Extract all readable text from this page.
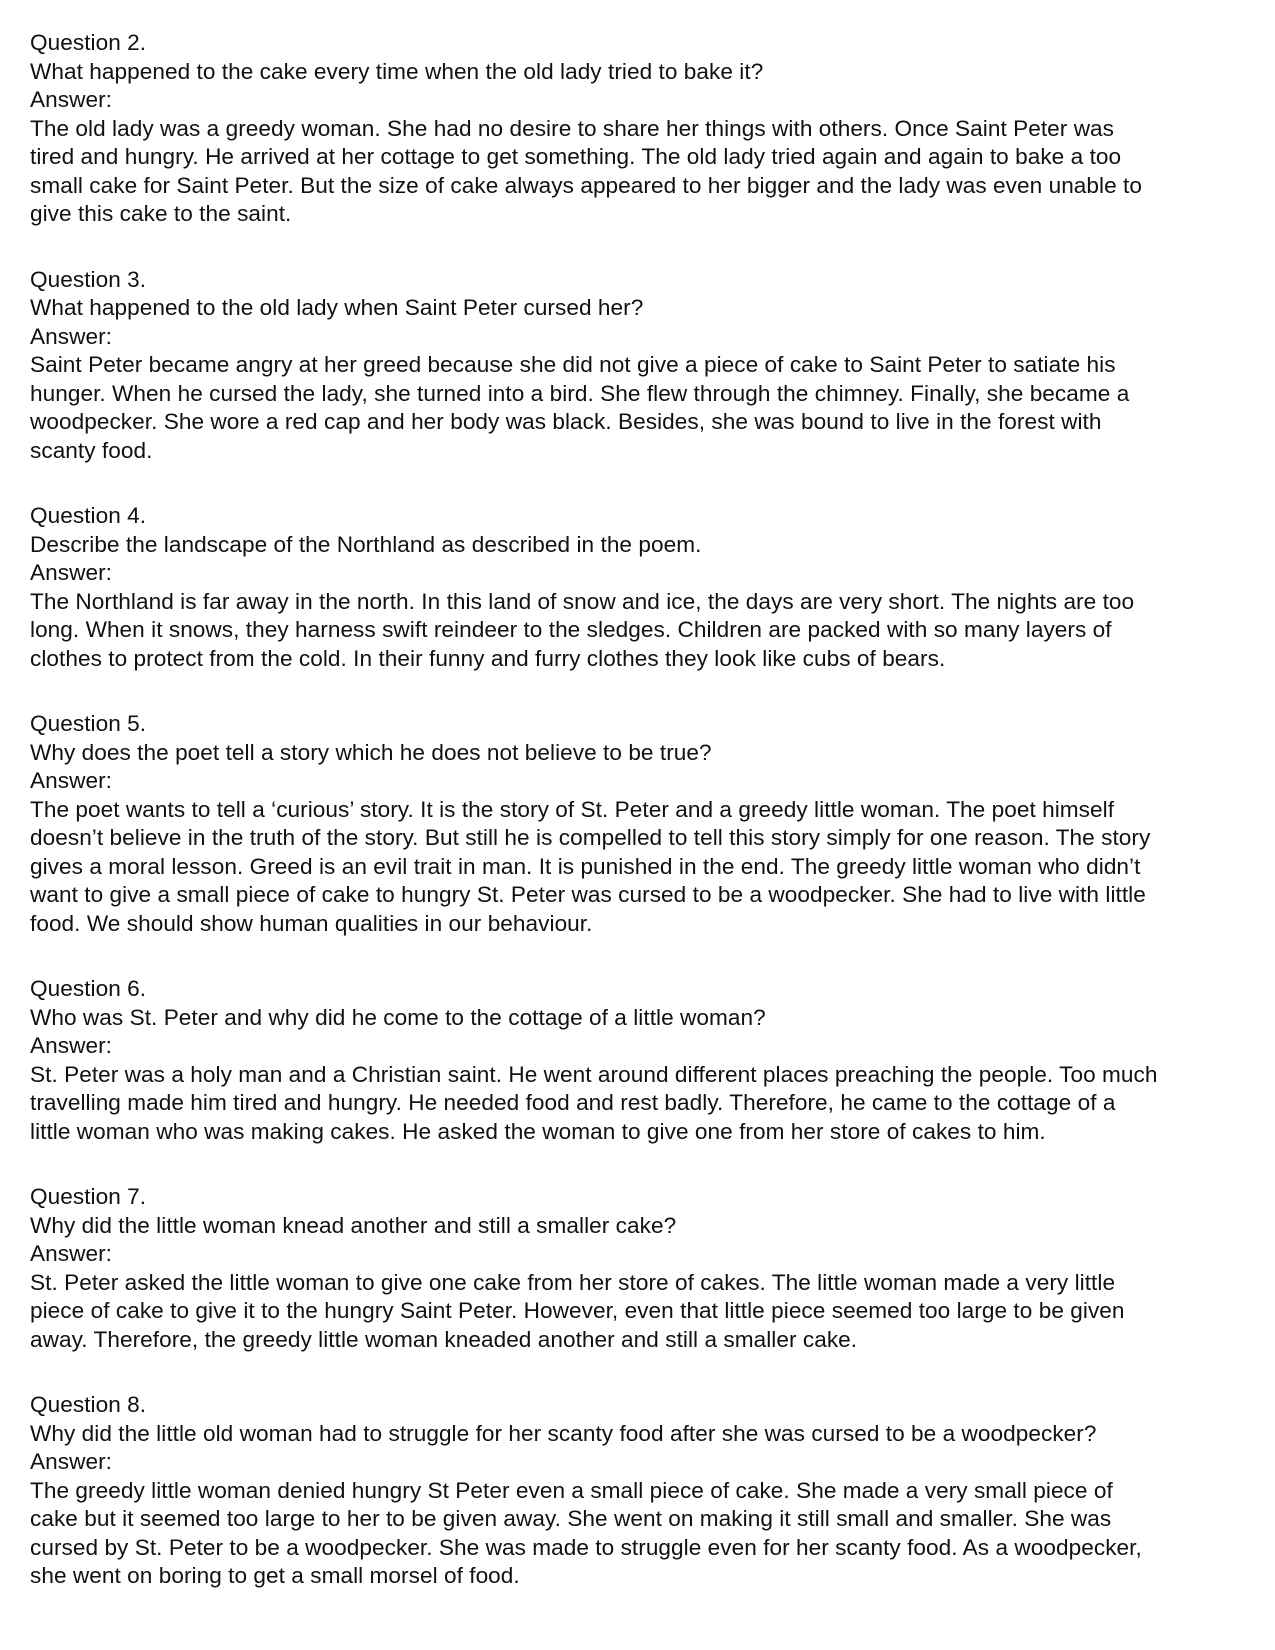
Question 2.
What happened to the cake every time when the old lady tried to bake it?
Answer:
The old lady was a greedy woman. She had no desire to share her things with others. Once Saint Peter was
tired and hungry. He arrived at her cottage to get something. The old lady tried again and again to bake a too
small cake for Saint Peter. But the size of cake always appeared to her bigger and the lady was even unable to
give this cake to the saint.
Question 3.
What happened to the old lady when Saint Peter cursed her?
Answer:
Saint Peter became angry at her greed because she did not give a piece of cake to Saint Peter to satiate his
hunger. When he cursed the lady, she turned into a bird. She flew through the chimney. Finally, she became a
woodpecker. She wore a red cap and her body was black. Besides, she was bound to live in the forest with
scanty food.
Question 4.
Describe the landscape of the Northland as described in the poem.
Answer:
The Northland is far away in the north. In this land of snow and ice, the days are very short. The nights are too
long. When it snows, they harness swift reindeer to the sledges. Children are packed with so many layers of
clothes to protect from the cold. In their funny and furry clothes they look like cubs of bears.
Question 5.
Why does the poet tell a story which he does not believe to be true?
Answer:
The poet wants to tell a ‘curious’ story. It is the story of St. Peter and a greedy little woman. The poet himself
doesn’t believe in the truth of the story. But still he is compelled to tell this story simply for one reason. The story
gives a moral lesson. Greed is an evil trait in man. It is punished in the end. The greedy little woman who didn’t
want to give a small piece of cake to hungry St. Peter was cursed to be a woodpecker. She had to live with little
food. We should show human qualities in our behaviour.
Question 6.
Who was St. Peter and why did he come to the cottage of a little woman?
Answer:
St. Peter was a holy man and a Christian saint. He went around different places preaching the people. Too much
travelling made him tired and hungry. He needed food and rest badly. Therefore, he came to the cottage of a
little woman who was making cakes. He asked the woman to give one from her store of cakes to him.
Question 7.
Why did the little woman knead another and still a smaller cake?
Answer:
St. Peter asked the little woman to give one cake from her store of cakes. The little woman made a very little
piece of cake to give it to the hungry Saint Peter. However, even that little piece seemed too large to be given
away. Therefore, the greedy little woman kneaded another and still a smaller cake.
Question 8.
Why did the little old woman had to struggle for her scanty food after she was cursed to be a woodpecker?
Answer:
The greedy little woman denied hungry St Peter even a small piece of cake. She made a very small piece of
cake but it seemed too large to her to be given away. She went on making it still small and smaller. She was
cursed by St. Peter to be a woodpecker. She was made to struggle even for her scanty food. As a woodpecker,
she went on boring to get a small morsel of food.
